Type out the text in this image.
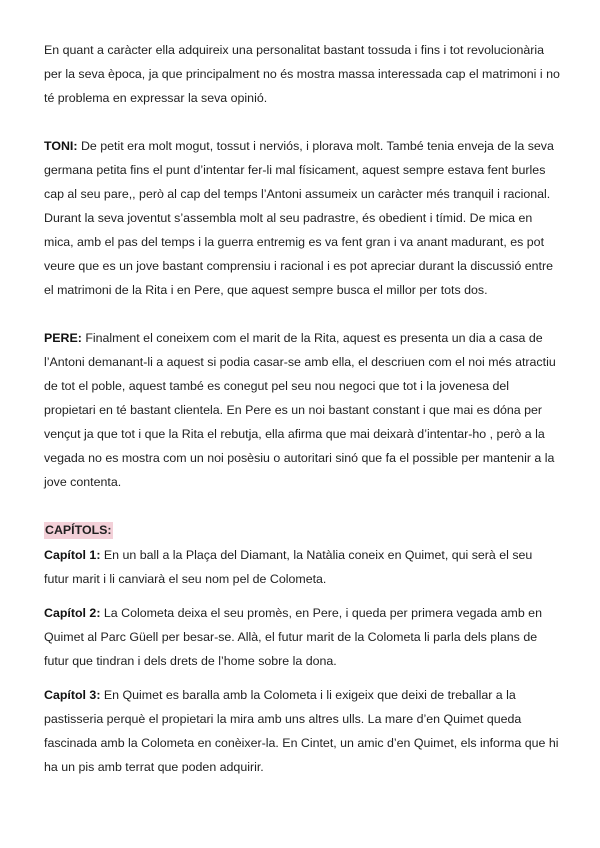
En quant a caràcter ella adquireix una personalitat bastant tossuda i fins i tot revolucionària per la seva època, ja que principalment no és mostra massa interessada cap el matrimoni i no té problema en expressar la seva opinió.

TONI: De petit era molt mogut, tossut i nerviós, i plorava molt. També tenia enveja de la seva germana petita fins el punt d’intentar fer-li mal físicament, aquest sempre estava fent burles cap al seu pare,, però al cap del temps l’Antoni assumeix un caràcter més tranquil i racional.

Durant la seva joventut s’assembla molt al seu padrastre, és obedient i tímid. De mica en mica, amb el pas del temps i la guerra entremig es va fent gran i va anant madurant, es pot veure que es un jove bastant comprensiu i racional i es pot apreciar durant la discussió entre el matrimoni de la Rita i en Pere, que aquest sempre busca el millor per tots dos.

PERE: Finalment el coneixem com el marit de la Rita, aquest es presenta un dia a casa de l’Antoni demanant-li a aquest si podia casar-se amb ella, el descriuen com el noi més atractiu de tot el poble, aquest també es conegut pel seu nou negoci que tot i la jovenesa del propietari en té bastant clientela. En Pere es un noi bastant constant i que mai es dóna per vençut ja que tot i que la Rita el rebutja, ella afirma que mai deixarà d’intentar-ho , però a la vegada no es mostra com un noi posèsiu o autoritari sinó que fa el possible per mantenir a la jove contenta.

CAPÍTOLS:

Capítol 1: En un ball a la Plaça del Diamant, la Natàlia coneix en Quimet, qui serà el seu futur marit i li canviarà el seu nom pel de Colometa.

Capítol 2: La Colometa deixa el seu promès, en Pere, i queda per primera vegada amb en Quimet al Parc Güell per besar-se. Allà, el futur marit de la Colometa li parla dels plans de futur que tindran i dels drets de l’home sobre la dona.

Capítol 3: En Quimet es baralla amb la Colometa i li exigeix que deixi de treballar a la pastisseria perquè el propietari la mira amb uns altres ulls. La mare d’en Quimet queda fascinada amb la Colometa en conèixer-la. En Cintet, un amic d’en Quimet, els informa que hi ha un pis amb terrat que poden adquirir.
